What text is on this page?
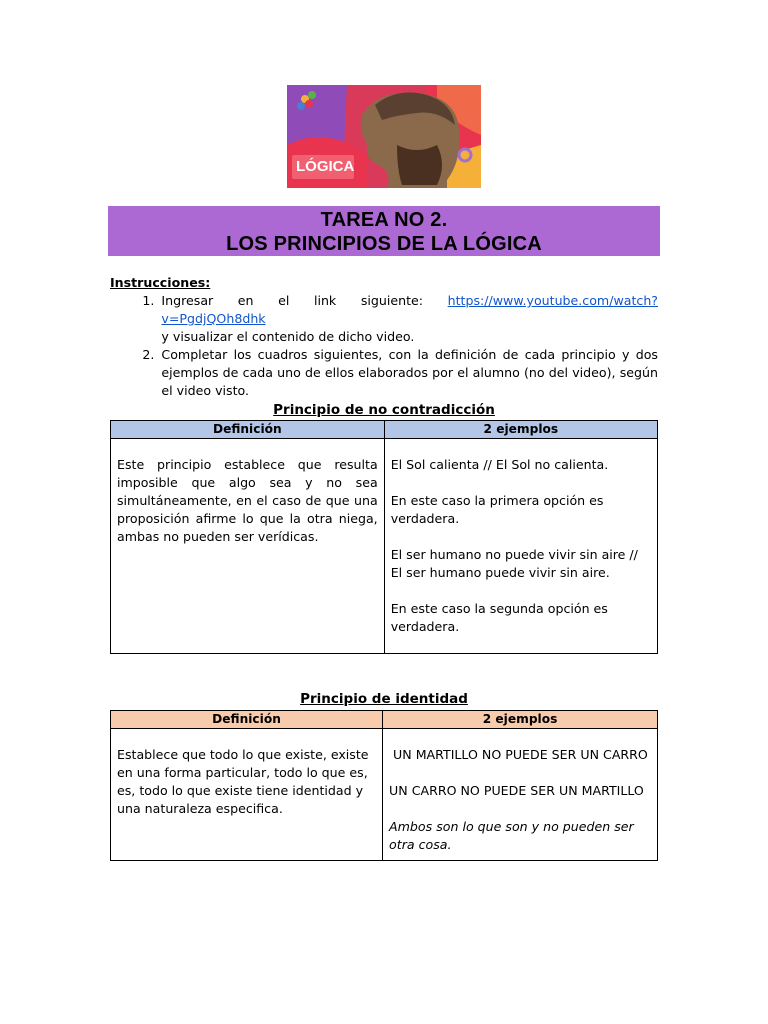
LÓGICA
TAREA NO 2.
LOS PRINCIPIOS DE LA LÓGICA
Instrucciones:
1. Ingresar en el link siguiente: https://www.youtube.com/watch?v=PgdjQOh8dhk
y visualizar el contenido de dicho video.
2. Completar los cuadros siguientes, con la definición de cada principio y dos ejemplos de cada uno de ellos elaborados por el alumno (no del video), según el video visto.
Principio de no contradicción
Definición	2 ejemplos
Este principio establece que resulta imposible que algo sea y no sea simultáneamente, en el caso de que una proposición afirme lo que la otra niega, ambas no pueden ser verídicas.	El Sol calienta // El Sol no calienta.

En este caso la primera opción es verdadera.

El ser humano no puede vivir sin aire // El ser humano puede vivir sin aire.

En este caso la segunda opción es verdadera.

Principio de identidad
Definición	2 ejemplos
Establece que todo lo que existe, existe en una forma particular, todo lo que es, es, todo lo que existe tiene identidad y una naturaleza especifica.	UN MARTILLO NO PUEDE SER UN CARRO

UN CARRO NO PUEDE SER UN MARTILLO

Ambos son lo que son y no pueden ser otra cosa.
